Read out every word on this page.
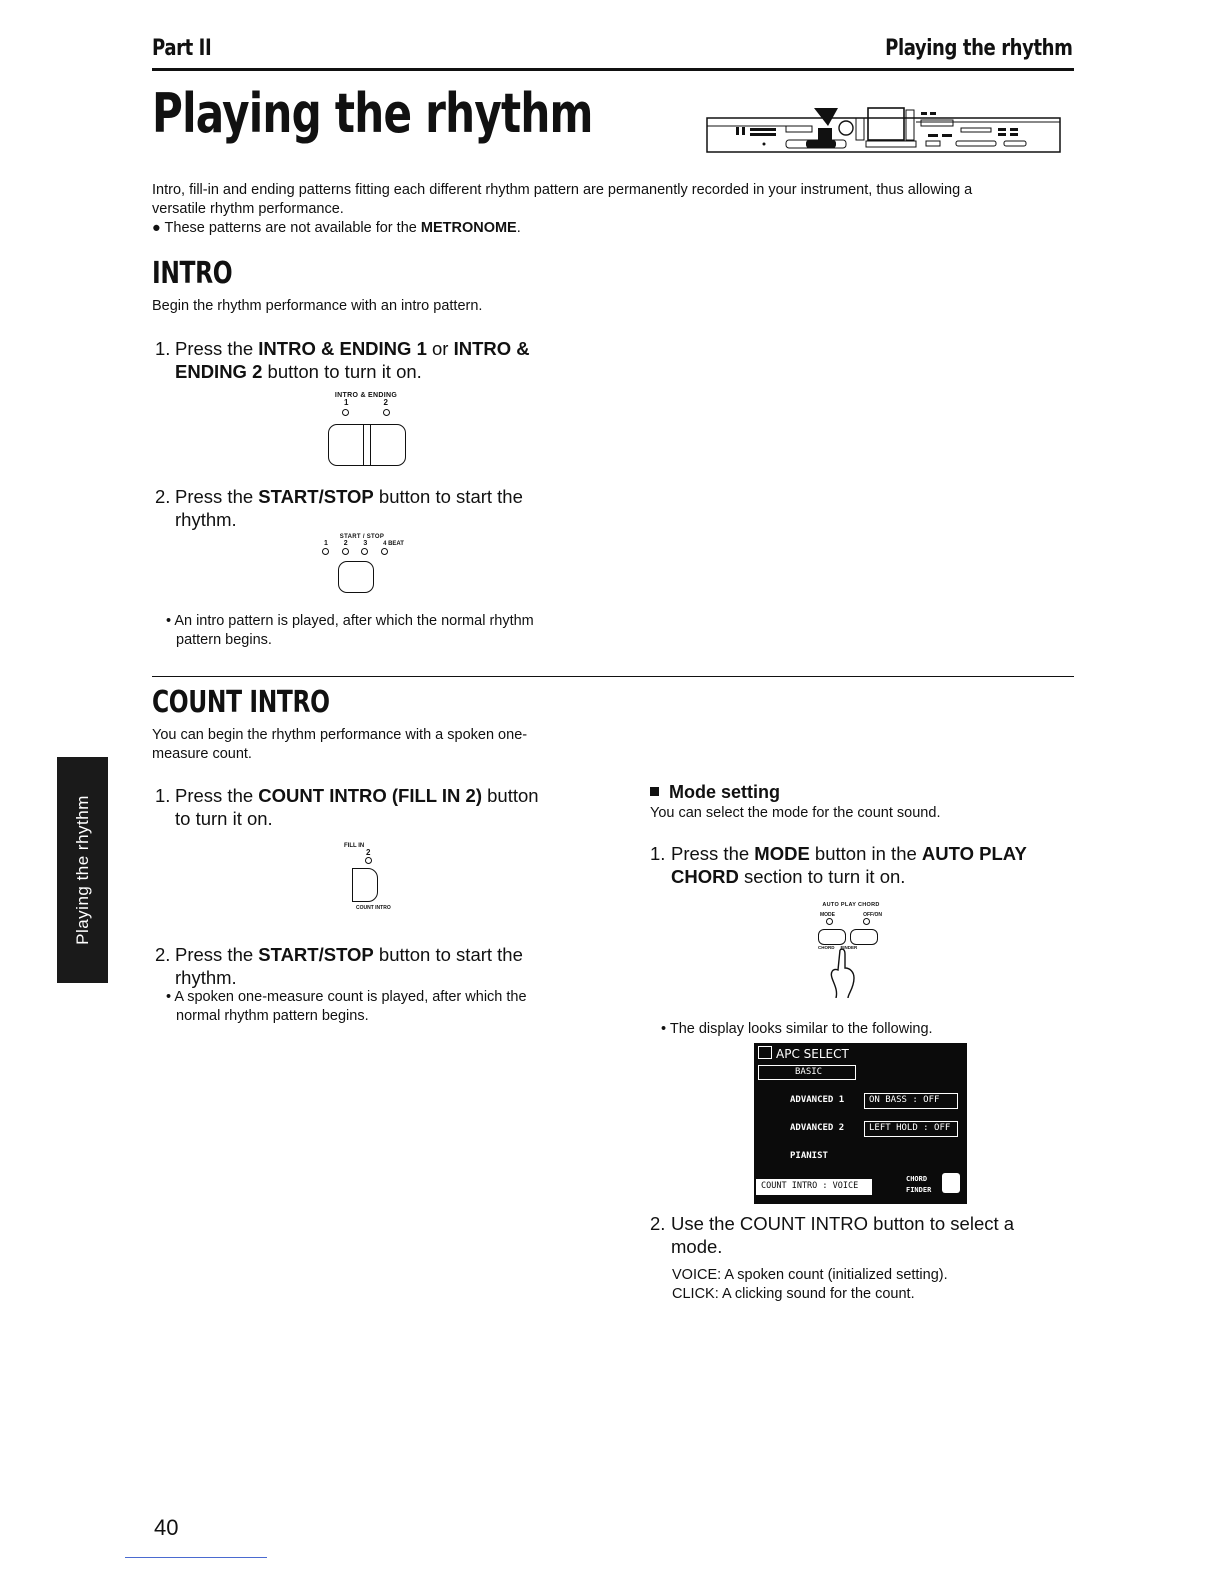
Part II	Playing the rhythm
Playing the rhythm
Intro, fill-in and ending patterns fitting each different rhythm pattern are permanently recorded in your instrument, thus allowing a
versatile rhythm performance.
● These patterns are not available for the METRONOME.
INTRO
Begin the rhythm performance with an intro pattern.
1. Press the INTRO & ENDING 1 or INTRO &
ENDING 2 button to turn it on.
INTRO & ENDING
1	2
2. Press the START/STOP button to start the
rhythm.
START / STOP
1 2 3	4 BEAT
• An intro pattern is played, after which the normal rhythm
pattern begins.
COUNT INTRO
You can begin the rhythm performance with a spoken one-
measure count.
1. Press the COUNT INTRO (FILL IN 2) button
to turn it on.
FILL IN
2
COUNT INTRO
2. Press the START/STOP button to start the
rhythm.
• A spoken one-measure count is played, after which the
normal rhythm pattern begins.
Mode setting
You can select the mode for the count sound.
1. Press the MODE button in the AUTO PLAY
CHORD section to turn it on.
AUTO PLAY CHORD
MODE	OFF/ON
CHORD FINDER
• The display looks similar to the following.
APC SELECT
BASIC
ADVANCED 1
ADVANCED 2
PIANIST
ON BASS : OFF
LEFT HOLD : OFF
COUNT INTRO : VOICE
CHORD
FINDER
2. Use the COUNT INTRO button to select a
mode.
VOICE: A spoken count (initialized setting).
CLICK: A clicking sound for the count.
Playing the rhythm
40
